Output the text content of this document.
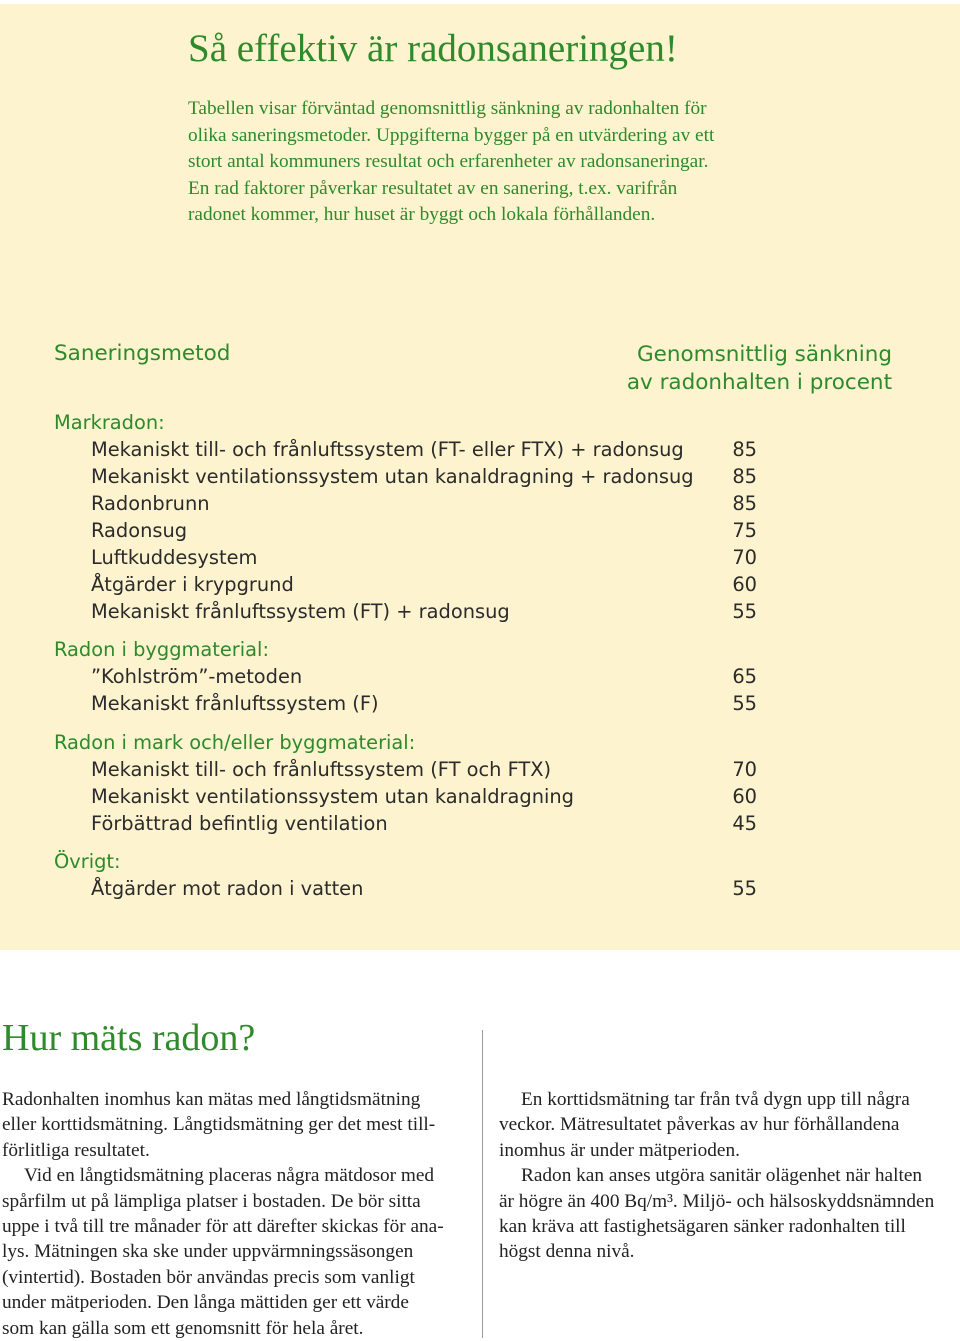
Så effektiv är radonsaneringen!
Tabellen visar förväntad genomsnittlig sänkning av radonhalten för
olika saneringsmetoder. Uppgifterna bygger på en utvärdering av ett
stort antal kommuners resultat och erfarenheter av radonsaneringar.
En rad faktorer påverkar resultatet av en sanering, t.ex. varifrån
radonet kommer, hur huset är byggt och lokala förhållanden.
Saneringsmetod	Genomsnittlig sänkning
av radonhalten i procent
Markradon:
Mekaniskt till- och frånluftssystem (FT- eller FTX) + radonsug	85
Mekaniskt ventilationssystem utan kanaldragning + radonsug 85
Radonbrunn	85
Radonsug	75
Luftkuddesystem	70
Åtgärder i krypgrund	60
Mekaniskt frånluftssystem (FT) + radonsug	55
Radon i byggmaterial:
”Kohlström”-metoden	65
Mekaniskt frånluftssystem (F)	55
Radon i mark och/eller byggmaterial:
Mekaniskt till- och frånluftssystem (FT och FTX)	70
Mekaniskt ventilationssystem utan kanaldragning	60
Förbättrad befintlig ventilation	45
Övrigt:
Åtgärder mot radon i vatten	55
Hur mäts radon?
Radonhalten inomhus kan mätas med långtidsmätning
eller korttidsmätning. Långtidsmätning ger det mest till-
förlitliga resultatet.
Vid en långtidsmätning placeras några mätdosor med
spårfilm ut på lämpliga platser i bostaden. De bör sitta
uppe i två till tre månader för att därefter skickas för ana-
lys. Mätningen ska ske under uppvärmningssäsongen
(vintertid). Bostaden bör användas precis som vanligt
under mätperioden. Den långa mättiden ger ett värde
som kan gälla som ett genomsnitt för hela året.
En korttidsmätning tar från två dygn upp till några
veckor. Mätresultatet påverkas av hur förhållandena
inomhus är under mätperioden.
Radon kan anses utgöra sanitär olägenhet när halten
är högre än 400 Bq/m³. Miljö- och hälsoskyddsnämnden
kan kräva att fastighetsägaren sänker radonhalten till
högst denna nivå.
